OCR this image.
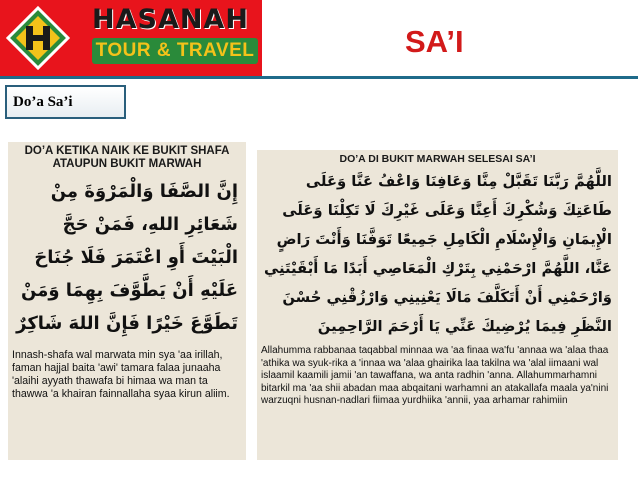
HASANAH
TOUR & TRAVEL	SA’I
Do’a Sa’i

DO’A KETIKA NAIK KE BUKIT SHAFA ATAUPUN BUKIT MARWAH

إِنَّ الصَّفَا وَالْمَرْوَةَ مِنْ شَعَائِرِ اللهِ، فَمَنْ حَجَّ الْبَيْتَ أَوِ اعْتَمَرَ فَلَا جُنَاحَ عَلَيْهِ أَنْ يَطَّوَّفَ بِهِمَا وَمَنْ تَطَوَّعَ خَيْرًا فَإِنَّ اللهَ شَاكِرٌ

Innash-shafa wal marwata min sya 'aa irillah, faman hajjal baita 'awi' tamara falaa junaaha 'alaihi ayyath thawafa bi himaa wa man ta thawwa 'a khairan fainnallaha syaa kirun aliim.

DO’A DI BUKIT MARWAH SELESAI SA’I

اللَّهُمَّ رَبَّنَا تَقَبَّلْ مِنَّا وَعَافِنَا وَاعْفُ عَنَّا وَعَلَى طَاعَتِكَ وَشُكْرِكَ أَعِنَّا وَعَلَى غَيْرِكَ لَا تَكِلْنَا وَعَلَى الْإِيمَانِ وَالْإِسْلَامِ الْكَامِلِ جَمِيعًا تَوَفَّنَا وَأَنْتَ رَاضٍ عَنَّا، اللَّهُمَّ ارْحَمْنِي بِتَرْكِ الْمَعَاصِي أَبَدًا مَا أَبْقَيْتَنِي وَارْحَمْنِي أَنْ أَتَكَلَّفَ مَالَا يَعْنِينِي وَارْزُقْنِي حُسْنَ النَّظَرِ فِيمَا يُرْضِيكَ عَنِّي يَا أَرْحَمَ الرَّاحِمِينَ

Allahumma rabbanaa taqabbal minnaa wa 'aa finaa wa'fu 'annaa wa 'alaa thaa 'athika wa syuk-rika a 'innaa wa 'alaa ghairika laa takilna wa 'alal iimaani wal islaamil kaamili jamii 'an tawaffana, wa anta radhin 'anna. Allahummarhamni bitarkil ma 'aa shii abadan maa abqaitani warhamni an atakallafa maala ya'nini warzuqni husnan-nadlari fiimaa yurdhiika 'annii, yaa arhamar rahimiin
